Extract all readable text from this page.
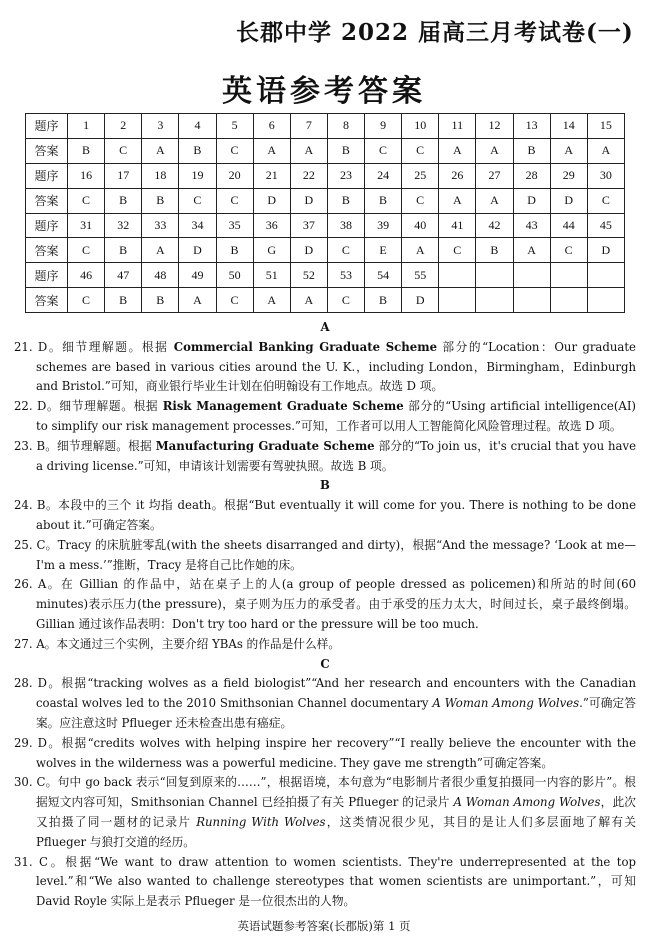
长郡中学 2022 届高三月考试卷(一)
英语参考答案
题序	1	2	3	4	5	6	7	8	9	10	11	12	13	14	15
答案	B	C	A	B	C	A	A	B	C	C	A	A	B	A	A
题序	16	17	18	19	20	21	22	23	24	25	26	27	28	29	30
答案	C	B	B	C	C	D	D	B	B	C	A	A	D	D	C
题序	31	32	33	34	35	36	37	38	39	40	41	42	43	44	45
答案	C	B	A	D	B	G	D	C	E	A	C	B	A	C	D
题序	46	47	48	49	50	51	52	53	54	55					
答案	C	B	B	A	C	A	A	C	B	D					
A
21. D。细节理解题。根据 Commercial Banking Graduate Scheme 部分的“Location：Our graduate schemes are based in various cities around the U. K.，including London，Birmingham，Edinburgh and Bristol.”可知，商业银行毕业生计划在伯明翰设有工作地点。故选 D 项。
22. D。细节理解题。根据 Risk Management Graduate Scheme 部分的“Using artificial intelligence(AI) to simplify our risk management processes.”可知，工作者可以用人工智能简化风险管理过程。故选 D 项。
23. B。细节理解题。根据 Manufacturing Graduate Scheme 部分的“To join us，it's crucial that you have a driving license.”可知，申请该计划需要有驾驶执照。故选 B 项。
B
24. B。本段中的三个 it 均指 death。根据“But eventually it will come for you. There is nothing to be done about it.”可确定答案。
25. C。Tracy 的床肮脏零乱(with the sheets disarranged and dirty)，根据“And the message? ‘Look at me—I'm a mess.’”推断，Tracy 是将自己比作她的床。
26. A。在 Gillian 的作品中，站在桌子上的人(a group of people dressed as policemen)和所站的时间(60 minutes)表示压力(the pressure)，桌子则为压力的承受者。由于承受的压力太大，时间过长，桌子最终倒塌。Gillian 通过该作品表明：Don't try too hard or the pressure will be too much.
27. A。本文通过三个实例，主要介绍 YBAs 的作品是什么样。
C
28. D。根据“tracking wolves as a field biologist”“And her research and encounters with the Canadian coastal wolves led to the 2010 Smithsonian Channel documentary A Woman Among Wolves.”可确定答案。应注意这时 Pflueger 还未检查出患有癌症。
29. D。根据“credits wolves with helping inspire her recovery”“I really believe the encounter with the wolves in the wilderness was a powerful medicine. They gave me strength”可确定答案。
30. C。句中 go back 表示“回复到原来的……”，根据语境，本句意为“电影制片者很少重复拍摄同一内容的影片”。根据短文内容可知，Smithsonian Channel 已经拍摄了有关 Pflueger 的记录片 A Woman Among Wolves，此次又拍摄了同一题材的记录片 Running With Wolves，这类情况很少见，其目的是让人们多层面地了解有关 Pflueger 与狼打交道的经历。
31. C。根据“We want to draw attention to women scientists. They're underrepresented at the top level.”和“We also wanted to challenge stereotypes that women scientists are unimportant.”，可知 David Royle 实际上是表示 Pflueger 是一位很杰出的人物。
英语试题参考答案(长郡版)第 1 页
